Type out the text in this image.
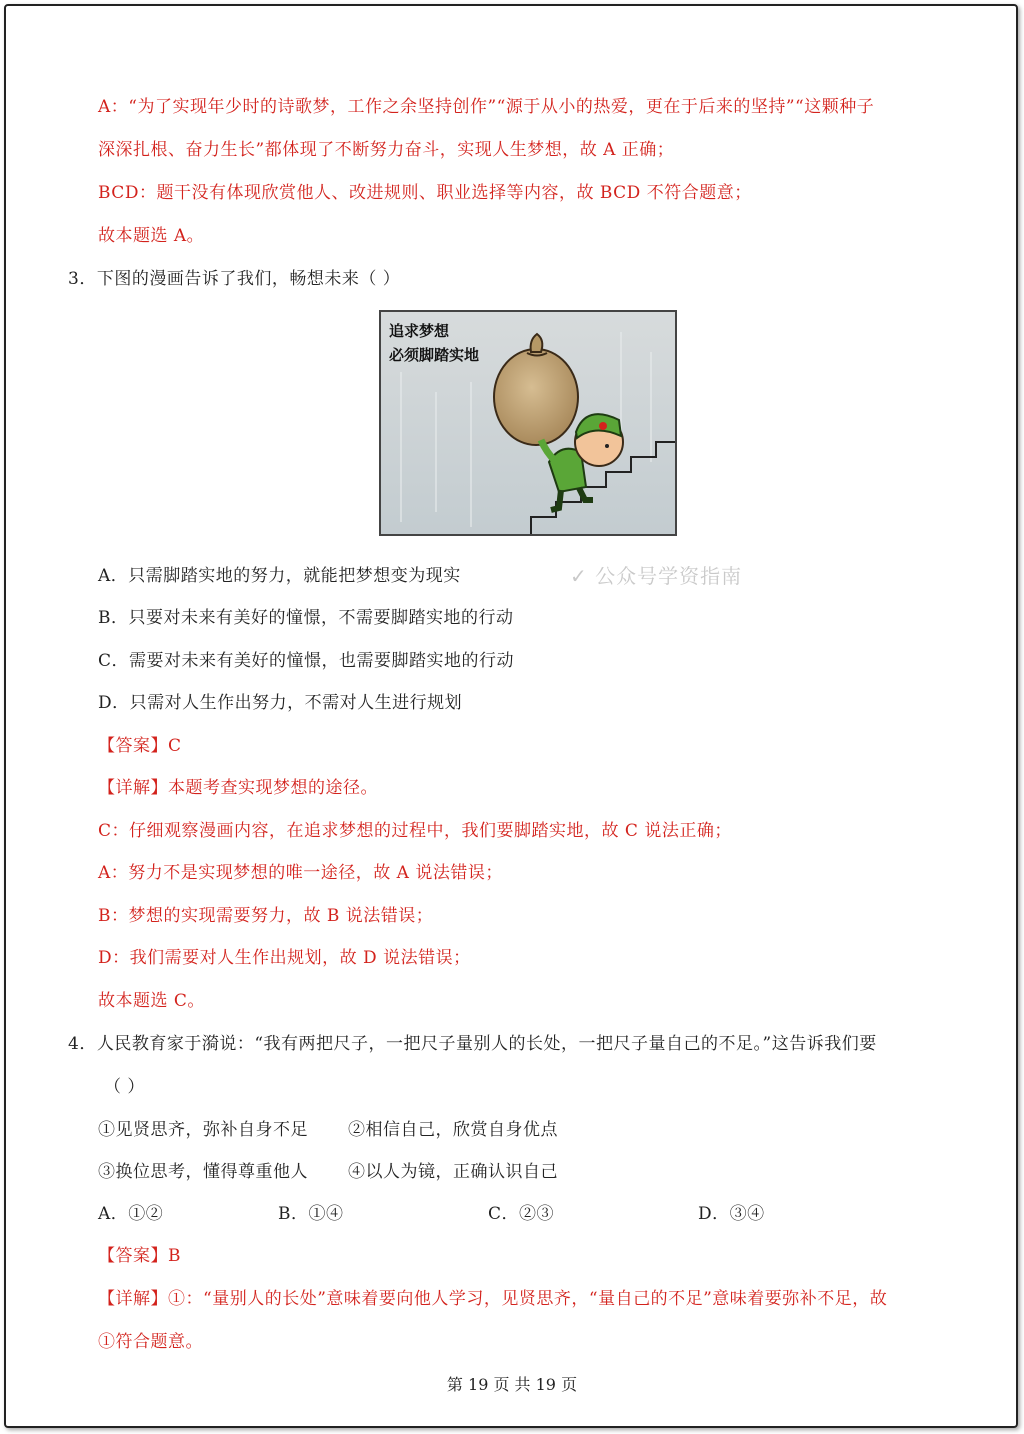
A：“为了实现年少时的诗歌梦，工作之余坚持创作”“源于从小的热爱，更在于后来的坚持”“这颗种子
深深扎根、奋力生长”都体现了不断努力奋斗，实现人生梦想，故 A 正确；
BCD：题干没有体现欣赏他人、改进规则、职业选择等内容，故 BCD 不符合题意；
故本题选 A。
3．下图的漫画告诉了我们，畅想未来（ ）
追求梦想
必须脚踏实地
A．只需脚踏实地的努力，就能把梦想变为现实
B．只要对未来有美好的憧憬，不需要脚踏实地的行动
C．需要对未来有美好的憧憬，也需要脚踏实地的行动
D．只需对人生作出努力，不需对人生进行规划
✓ 公众号学资指南
【答案】C
【详解】本题考查实现梦想的途径。
C：仔细观察漫画内容，在追求梦想的过程中，我们要脚踏实地，故 C 说法正确；
A：努力不是实现梦想的唯一途径，故 A 说法错误；
B：梦想的实现需要努力，故 B 说法错误；
D：我们需要对人生作出规划，故 D 说法错误；
故本题选 C。
4．人民教育家于漪说：“我有两把尺子，一把尺子量别人的长处，一把尺子量自己的不足。”这告诉我们要
（ ）
①见贤思齐，弥补自身不足 ②相信自己，欣赏自身优点
③换位思考，懂得尊重他人 ④以人为镜，正确认识自己
A．①②	B．①④	C．②③	D．③④
【答案】B
【详解】①：“量别人的长处”意味着要向他人学习，见贤思齐，“量自己的不足”意味着要弥补不足，故
①符合题意。
第 19 页 共 19 页
